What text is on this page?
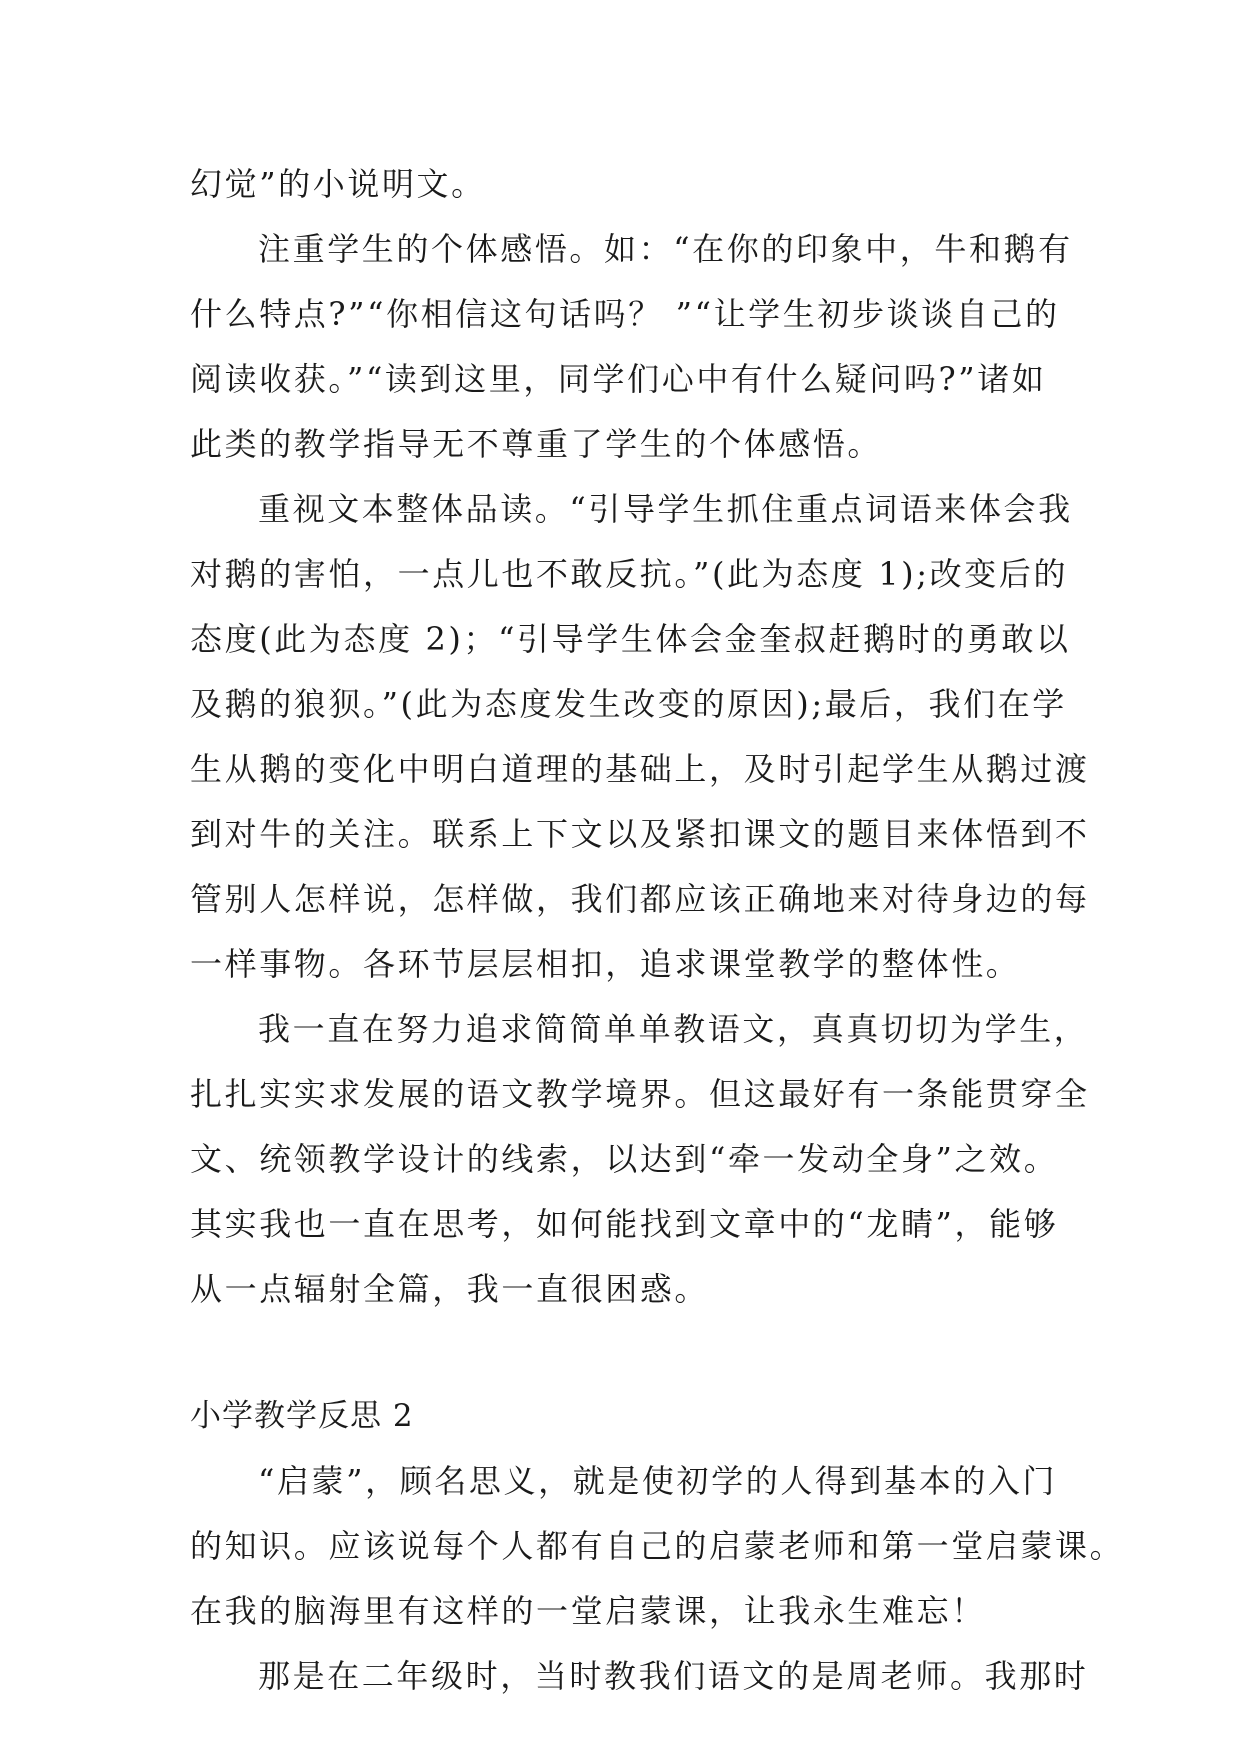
幻觉”的小说明文。
注重学生的个体感悟。如：“在你的印象中，牛和鹅有
什么特点?”“你相信这句话吗？ ”“让学生初步谈谈自己的
阅读收获。”“读到这里，同学们心中有什么疑问吗?”诸如
此类的教学指导无不尊重了学生的个体感悟。
重视文本整体品读。“引导学生抓住重点词语来体会我
对鹅的害怕，一点儿也不敢反抗。”(此为态度 1);改变后的
态度(此为态度 2)；“引导学生体会金奎叔赶鹅时的勇敢以
及鹅的狼狈。”(此为态度发生改变的原因);最后，我们在学
生从鹅的变化中明白道理的基础上，及时引起学生从鹅过渡
到对牛的关注。联系上下文以及紧扣课文的题目来体悟到不
管别人怎样说，怎样做，我们都应该正确地来对待身边的每
一样事物。各环节层层相扣，追求课堂教学的整体性。
我一直在努力追求简简单单教语文，真真切切为学生，
扎扎实实求发展的语文教学境界。但这最好有一条能贯穿全
文、统领教学设计的线索，以达到“牵一发动全身”之效。
其实我也一直在思考，如何能找到文章中的“龙睛”，能够
从一点辐射全篇，我一直很困惑。
小学教学反思 2
“启蒙”，顾名思义，就是使初学的人得到基本的入门
的知识。应该说每个人都有自己的启蒙老师和第一堂启蒙课。
在我的脑海里有这样的一堂启蒙课，让我永生难忘！
那是在二年级时，当时教我们语文的是周老师。我那时
